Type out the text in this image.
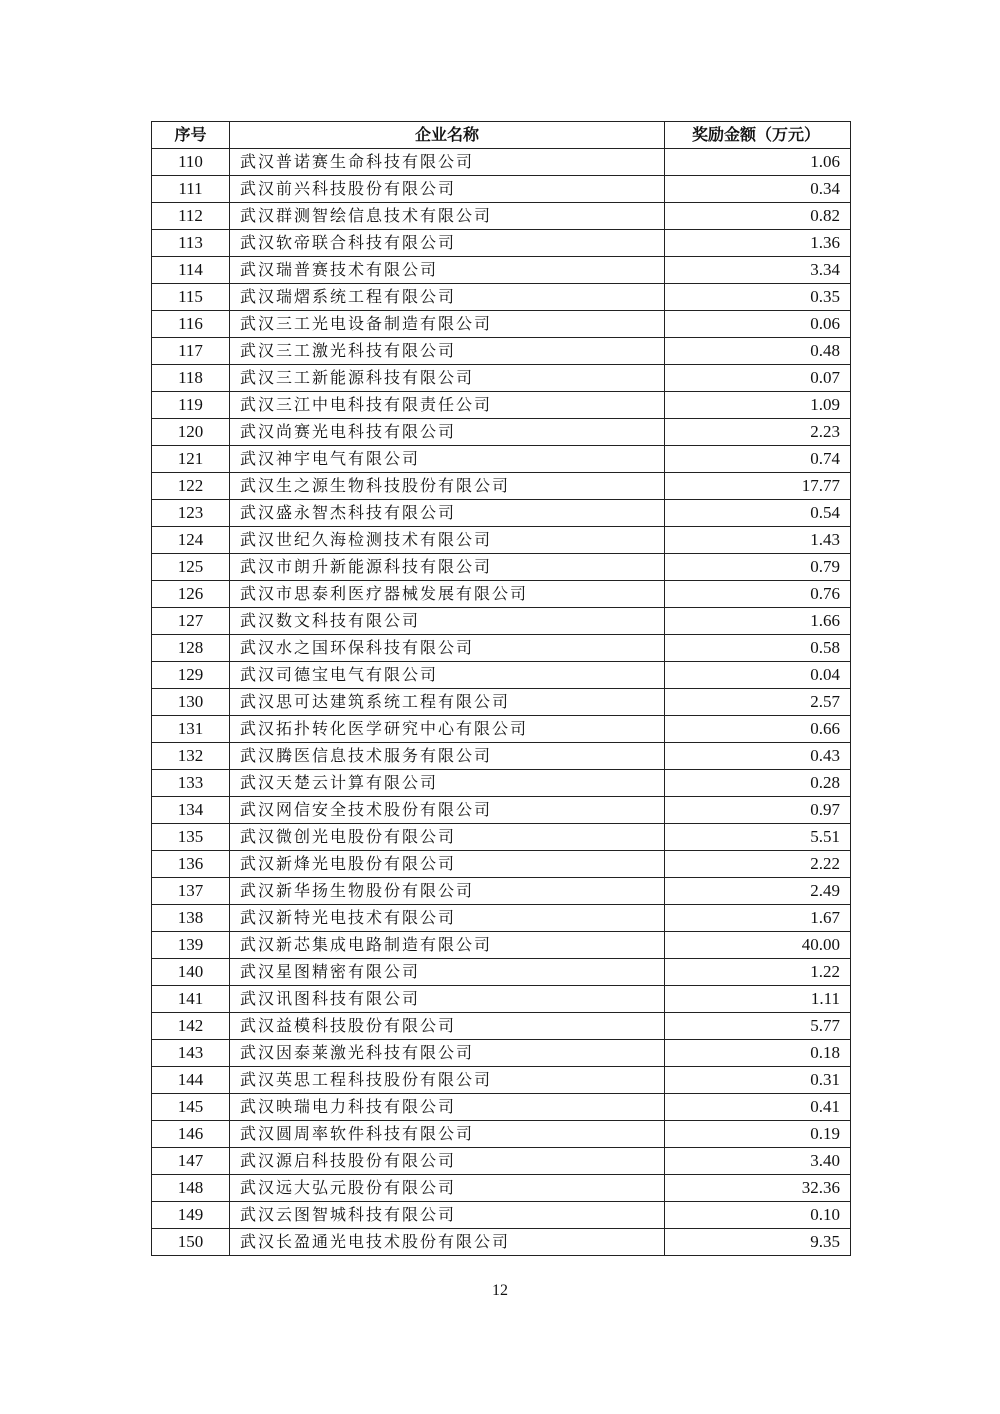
序号	企业名称	奖励金额（万元）
110	武汉普诺赛生命科技有限公司	1.06
111	武汉前兴科技股份有限公司	0.34
112	武汉群测智绘信息技术有限公司	0.82
113	武汉软帝联合科技有限公司	1.36
114	武汉瑞普赛技术有限公司	3.34
115	武汉瑞熠系统工程有限公司	0.35
116	武汉三工光电设备制造有限公司	0.06
117	武汉三工激光科技有限公司	0.48
118	武汉三工新能源科技有限公司	0.07
119	武汉三江中电科技有限责任公司	1.09
120	武汉尚赛光电科技有限公司	2.23
121	武汉神宇电气有限公司	0.74
122	武汉生之源生物科技股份有限公司	17.77
123	武汉盛永智杰科技有限公司	0.54
124	武汉世纪久海检测技术有限公司	1.43
125	武汉市朗升新能源科技有限公司	0.79
126	武汉市思泰利医疗器械发展有限公司	0.76
127	武汉数文科技有限公司	1.66
128	武汉水之国环保科技有限公司	0.58
129	武汉司德宝电气有限公司	0.04
130	武汉思可达建筑系统工程有限公司	2.57
131	武汉拓扑转化医学研究中心有限公司	0.66
132	武汉腾医信息技术服务有限公司	0.43
133	武汉天楚云计算有限公司	0.28
134	武汉网信安全技术股份有限公司	0.97
135	武汉微创光电股份有限公司	5.51
136	武汉新烽光电股份有限公司	2.22
137	武汉新华扬生物股份有限公司	2.49
138	武汉新特光电技术有限公司	1.67
139	武汉新芯集成电路制造有限公司	40.00
140	武汉星图精密有限公司	1.22
141	武汉讯图科技有限公司	1.11
142	武汉益模科技股份有限公司	5.77
143	武汉因泰莱激光科技有限公司	0.18
144	武汉英思工程科技股份有限公司	0.31
145	武汉映瑞电力科技有限公司	0.41
146	武汉圆周率软件科技有限公司	0.19
147	武汉源启科技股份有限公司	3.40
148	武汉远大弘元股份有限公司	32.36
149	武汉云图智城科技有限公司	0.10
150	武汉长盈通光电技术股份有限公司	9.35
12
